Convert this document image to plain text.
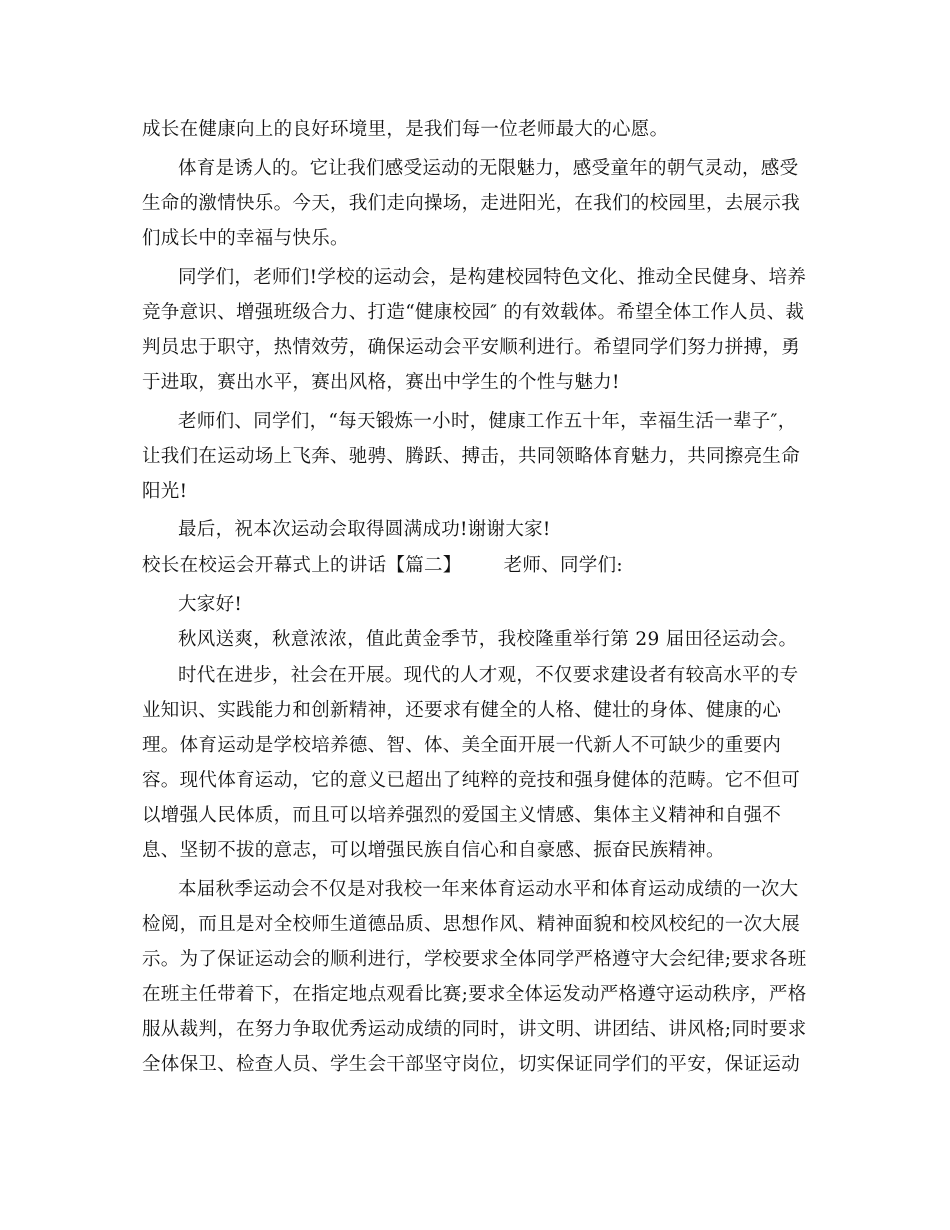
成长在健康向上的良好环境里，是我们每一位老师最大的心愿。
体育是诱人的。它让我们感受运动的无限魅力，感受童年的朝气灵动，感受
生命的激情快乐。今天，我们走向操场，走进阳光，在我们的校园里，去展示我
们成长中的幸福与快乐。
同学们，老师们!学校的运动会，是构建校园特色文化、推动全民健身、培养
竞争意识、增强班级合力、打造“健康校园″ 的有效载体。希望全体工作人员、裁
判员忠于职守，热情效劳，确保运动会平安顺利进行。希望同学们努力拼搏，勇
于进取，赛出水平，赛出风格，赛出中学生的个性与魅力!
老师们、同学们，“每天锻炼一小时，健康工作五十年，幸福生活一辈子″，
让我们在运动场上飞奔、驰骋、腾跃、搏击，共同领略体育魅力，共同擦亮生命
阳光!
最后，祝本次运动会取得圆满成功!谢谢大家!
校长在校运会开幕式上的讲话【篇二】 老师、同学们:
大家好!
秋风送爽，秋意浓浓，值此黄金季节，我校隆重举行第 29 届田径运动会。
时代在进步，社会在开展。现代的人才观，不仅要求建设者有较高水平的专
业知识、实践能力和创新精神，还要求有健全的人格、健壮的身体、健康的心
理。体育运动是学校培养德、智、体、美全面开展一代新人不可缺少的重要内
容。现代体育运动，它的意义已超出了纯粹的竞技和强身健体的范畴。它不但可
以增强人民体质，而且可以培养强烈的爱国主义情感、集体主义精神和自强不
息、坚韧不拔的意志，可以增强民族自信心和自豪感、振奋民族精神。
本届秋季运动会不仅是对我校一年来体育运动水平和体育运动成绩的一次大
检阅，而且是对全校师生道德品质、思想作风、精神面貌和校风校纪的一次大展
示。为了保证运动会的顺利进行，学校要求全体同学严格遵守大会纪律;要求各班
在班主任带着下，在指定地点观看比赛;要求全体运发动严格遵守运动秩序，严格
服从裁判，在努力争取优秀运动成绩的同时，讲文明、讲团结、讲风格;同时要求
全体保卫、检查人员、学生会干部坚守岗位，切实保证同学们的平安，保证运动
